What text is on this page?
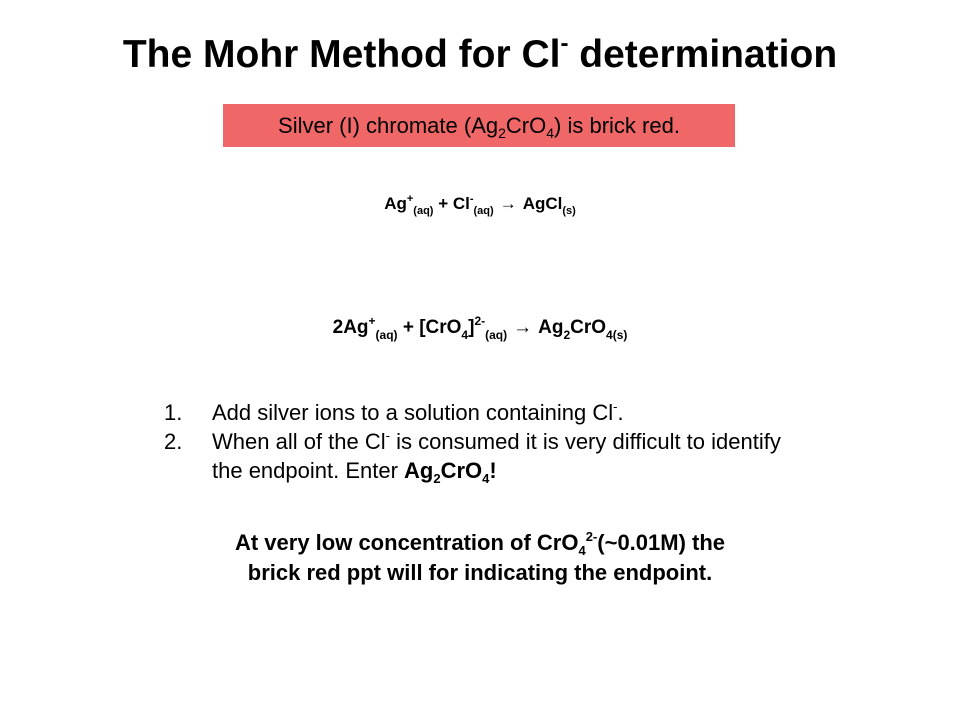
The Mohr Method for Cl- determination
Silver (I) chromate $(Ag_2CrO_4)$ is brick red.
$Ag^+_{(aq)} + Cl^-_{(aq)}$ → AgCl$_{(s)}$
$2Ag^+_{(aq)} + [CrO_4]^{2-}_{(aq)} \to Ag_2CrO_{4(s)}$
1. Add silver ions to a solution containing Cl-.
2. When all of the Cl- is consumed it is very difficult to identify the endpoint. Enter $Ag_2CrO_4$!
At very low concentration of CrO$_4^{2-}$(~0.01M) the
brick red ppt will for indicating the endpoint.
